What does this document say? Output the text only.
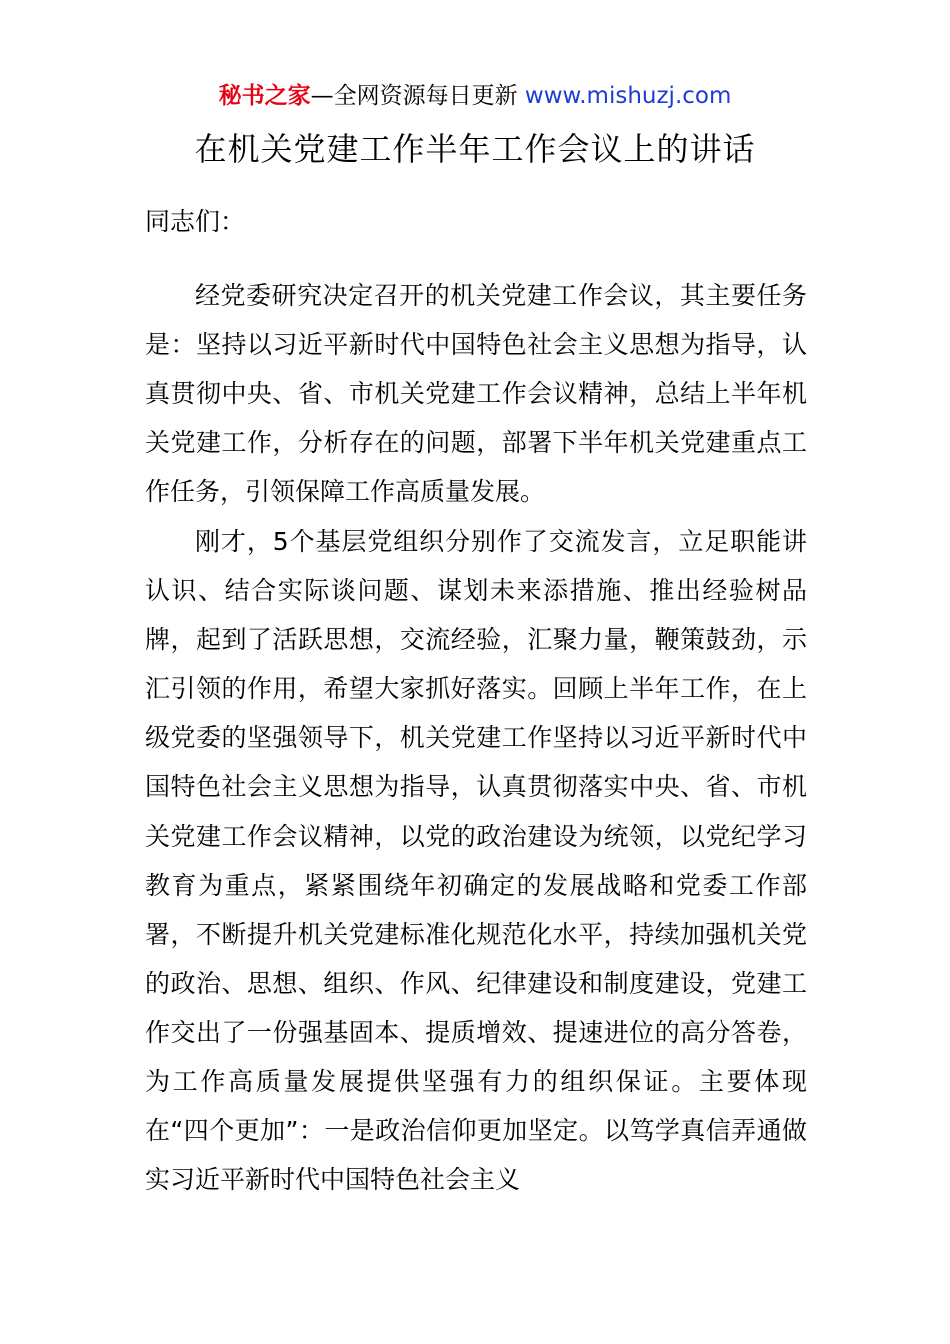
秘书之家—全网资源每日更新 www.mishuzj.com
在机关党建工作半年工作会议上的讲话
同志们：

经党委研究决定召开的机关党建工作会议，其主要任务是：坚持以习近平新时代中国特色社会主义思想为指导，认真贯彻中央、省、市机关党建工作会议精神，总结上半年机关党建工作，分析存在的问题，部署下半年机关党建重点工作任务，引领保障工作高质量发展。

刚才，5个基层党组织分别作了交流发言，立足职能讲认识、结合实际谈问题、谋划未来添措施、推出经验树品牌，起到了活跃思想，交流经验，汇聚力量，鞭策鼓劲，示汇引领的作用，希望大家抓好落实。回顾上半年工作，在上级党委的坚强领导下，机关党建工作坚持以习近平新时代中国特色社会主义思想为指导，认真贯彻落实中央、省、市机关党建工作会议精神，以党的政治建设为统领，以党纪学习教育为重点，紧紧围绕年初确定的发展战略和党委工作部署，不断提升机关党建标准化规范化水平，持续加强机关党的政治、思想、组织、作风、纪律建设和制度建设，党建工作交出了一份强基固本、提质增效、提速进位的高分答卷，为工作高质量发展提供坚强有力的组织保证。主要体现在“四个更加”：一是政治信仰更加坚定。以笃学真信弄通做实习近平新时代中国特色社会主义
